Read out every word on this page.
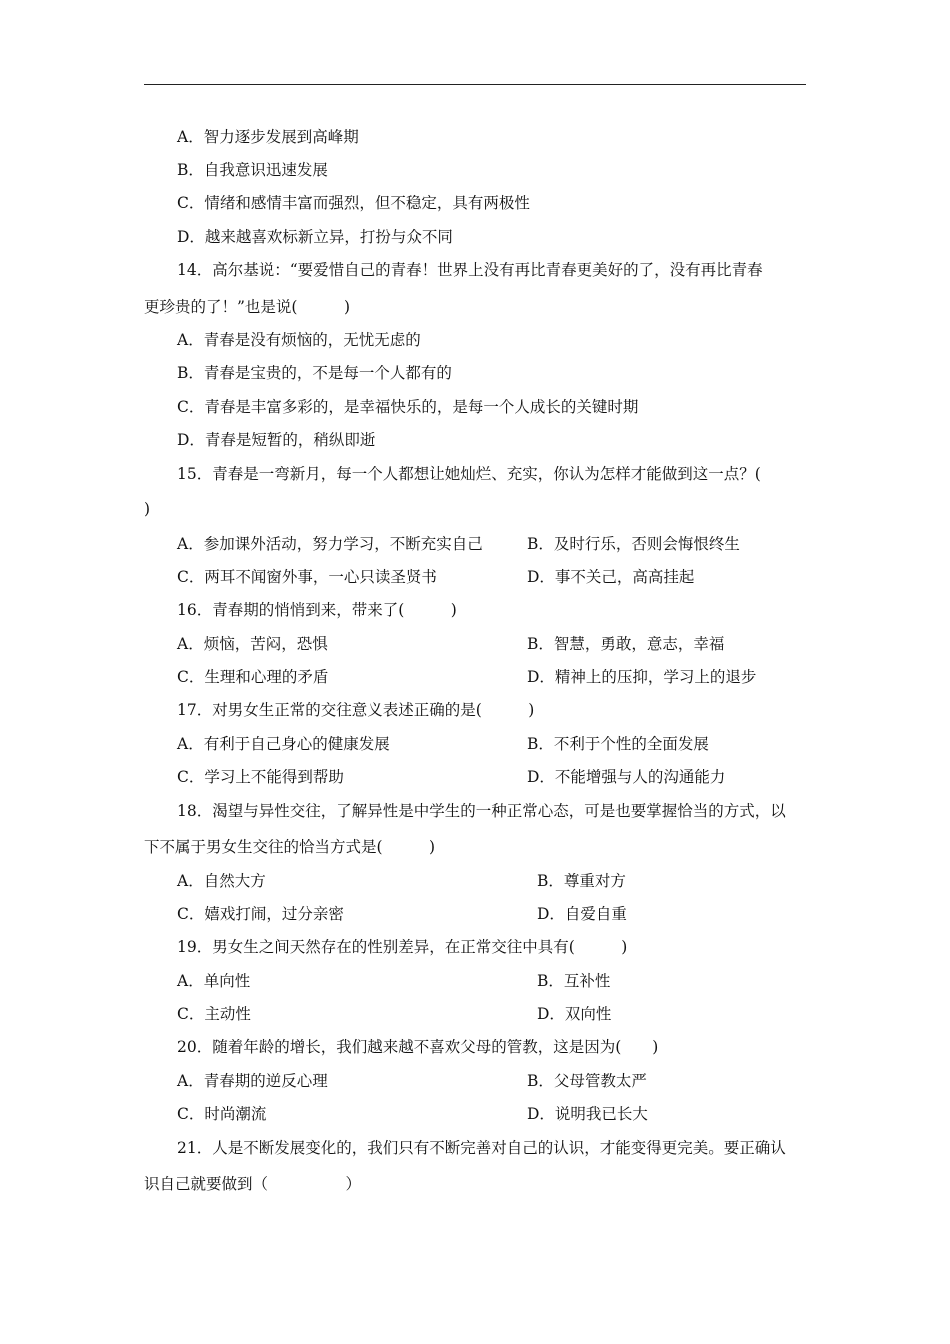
A．智力逐步发展到高峰期
B．自我意识迅速发展
C．情绪和感情丰富而强烈，但不稳定，具有两极性
D．越来越喜欢标新立异，打扮与众不同
14．高尔基说：“要爱惜自己的青春！世界上没有再比青春更美好的了，没有再比青春
更珍贵的了！”也是说(　　　)
A．青春是没有烦恼的，无忧无虑的
B．青春是宝贵的，不是每一个人都有的
C．青春是丰富多彩的，是幸福快乐的，是每一个人成长的关键时期
D．青春是短暂的，稍纵即逝
15．青春是一弯新月，每一个人都想让她灿烂、充实，你认为怎样才能做到这一点？(
)
A．参加课外活动，努力学习，不断充实自己	B．及时行乐，否则会悔恨终生
C．两耳不闻窗外事，一心只读圣贤书	D．事不关己，高高挂起
16．青春期的悄悄到来，带来了(　　　)
A．烦恼，苦闷，恐惧	B．智慧，勇敢，意志，幸福
C．生理和心理的矛盾	D．精神上的压抑，学习上的退步
17．对男女生正常的交往意义表述正确的是(　　　)
A．有利于自己身心的健康发展	B．不利于个性的全面发展
C．学习上不能得到帮助	D．不能增强与人的沟通能力
18．渴望与异性交往，了解异性是中学生的一种正常心态，可是也要掌握恰当的方式，以
下不属于男女生交往的恰当方式是(　　　)
A．自然大方	B．尊重对方
C．嬉戏打闹，过分亲密	D．自爱自重
19．男女生之间天然存在的性别差异，在正常交往中具有(　　　)
A．单向性	B．互补性
C．主动性	D．双向性
20．随着年龄的增长，我们越来越不喜欢父母的管教，这是因为(　　)
A．青春期的逆反心理	B．父母管教太严
C．时尚潮流	D．说明我已长大
21．人是不断发展变化的，我们只有不断完善对自己的认识，才能变得更完美。要正确认
识自己就要做到（　　　　　）
